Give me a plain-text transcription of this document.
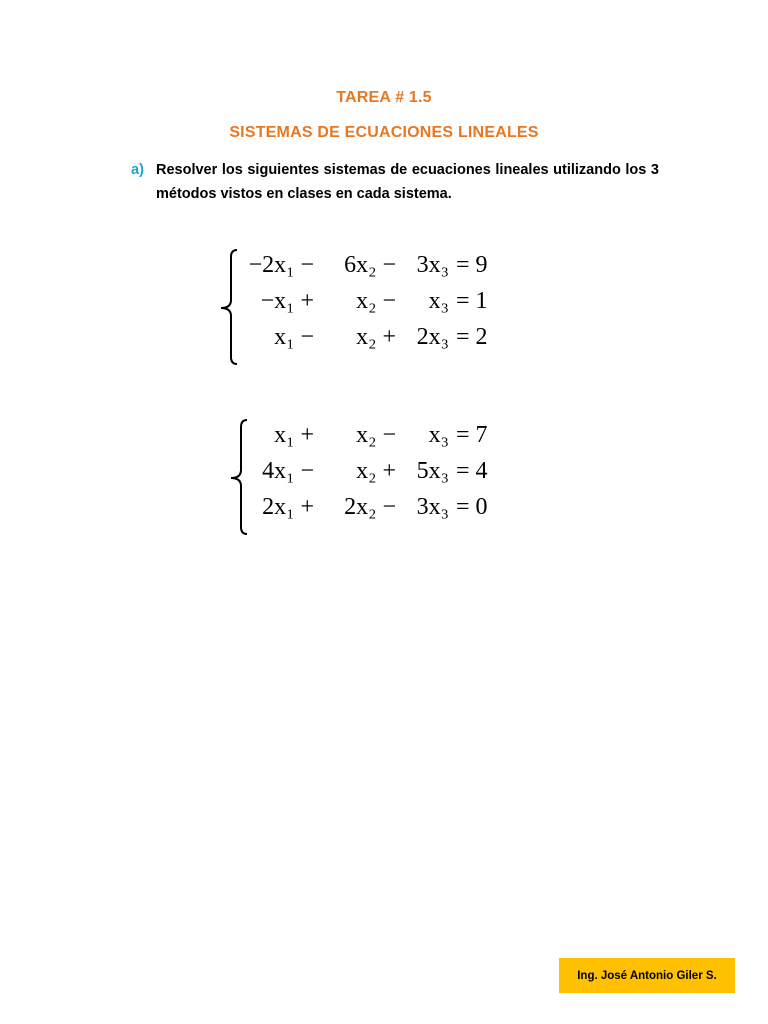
TAREA # 1.5
SISTEMAS DE ECUACIONES LINEALES
a) Resolver los siguientes sistemas de ecuaciones lineales utilizando los 3 métodos vistos en clases en cada sistema.
−2x₁ −	6x₂ − 3x₃ = 9
−x₁ +	x₂ −	x₃ = 1
x₁ −	x₂ + 2x₃ = 2
x₁ +	x₂ −	x₃ = 7
4x₁ −	x₂ + 5x₃ = 4
2x₁ +	2x₂ − 3x₃ = 0
Ing. José Antonio Giler S.
